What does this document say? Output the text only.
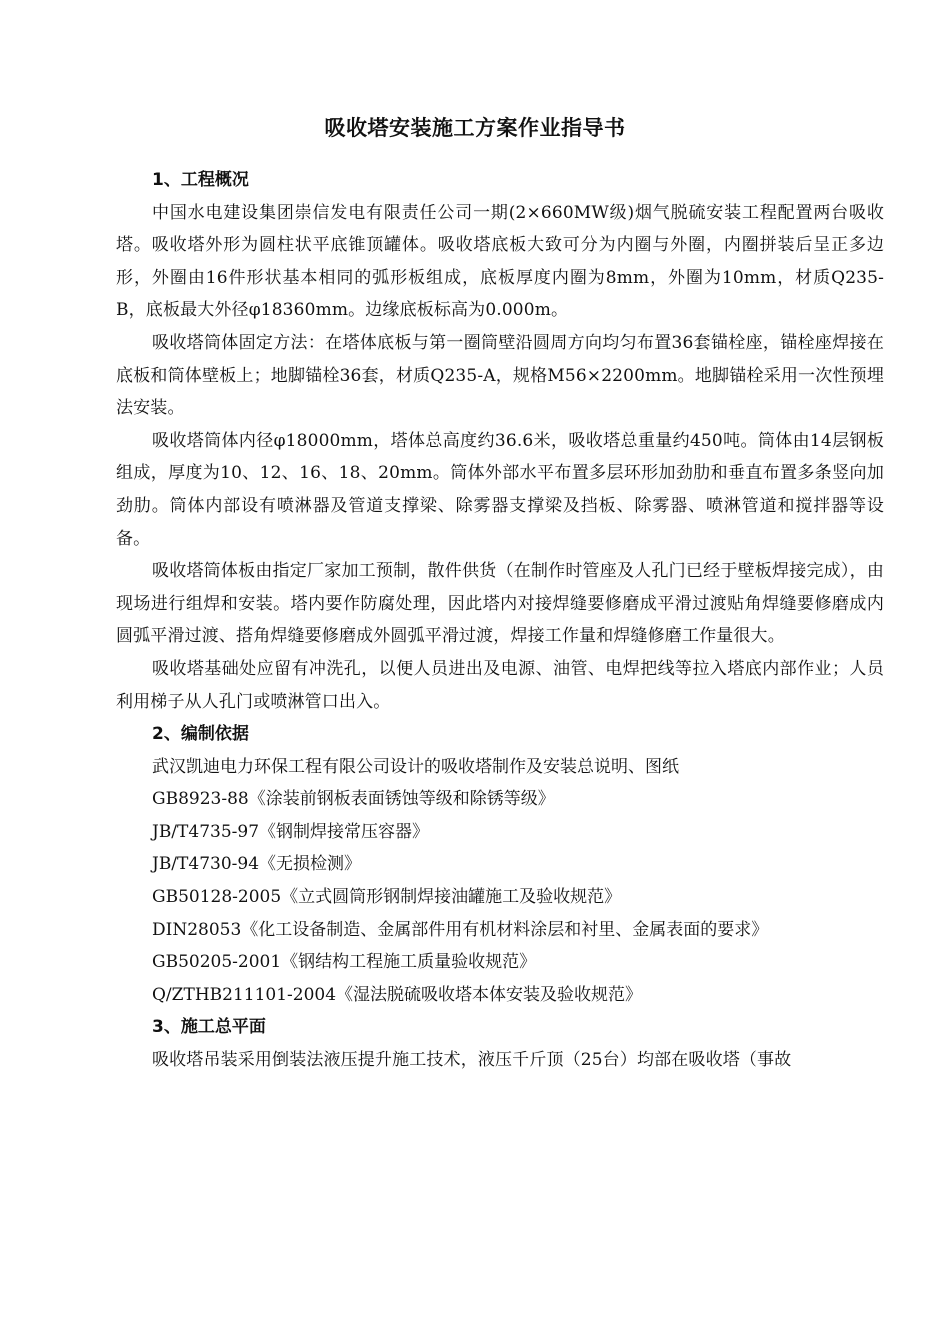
吸收塔安装施工方案作业指导书

1、工程概况

中国水电建设集团崇信发电有限责任公司一期(2×660MW级)烟气脱硫安装工程配置两台吸收塔。吸收塔外形为圆柱状平底锥顶罐体。吸收塔底板大致可分为内圈与外圈，内圈拼装后呈正多边形，外圈由16件形状基本相同的弧形板组成，底板厚度内圈为8mm，外圈为10mm，材质Q235-B，底板最大外径φ18360mm。边缘底板标高为0.000m。

吸收塔筒体固定方法：在塔体底板与第一圈筒壁沿圆周方向均匀布置36套锚栓座，锚栓座焊接在底板和筒体壁板上；地脚锚栓36套，材质Q235-A，规格M56×2200mm。地脚锚栓采用一次性预埋法安装。

吸收塔筒体内径φ18000mm，塔体总高度约36.6米，吸收塔总重量约450吨。筒体由14层钢板组成，厚度为10、12、16、18、20mm。筒体外部水平布置多层环形加劲肋和垂直布置多条竖向加劲肋。筒体内部设有喷淋器及管道支撑梁、除雾器支撑梁及挡板、除雾器、喷淋管道和搅拌器等设备。

吸收塔筒体板由指定厂家加工预制，散件供货（在制作时管座及人孔门已经于壁板焊接完成），由现场进行组焊和安装。塔内要作防腐处理，因此塔内对接焊缝要修磨成平滑过渡贴角焊缝要修磨成内圆弧平滑过渡、搭角焊缝要修磨成外圆弧平滑过渡，焊接工作量和焊缝修磨工作量很大。

吸收塔基础处应留有冲洗孔，以便人员进出及电源、油管、电焊把线等拉入塔底内部作业；人员利用梯子从人孔门或喷淋管口出入。

2、编制依据

武汉凯迪电力环保工程有限公司设计的吸收塔制作及安装总说明、图纸

GB8923-88《涂装前钢板表面锈蚀等级和除锈等级》

JB/T4735-97《钢制焊接常压容器》

JB/T4730-94《无损检测》

GB50128-2005《立式圆筒形钢制焊接油罐施工及验收规范》

DIN28053《化工设备制造、金属部件用有机材料涂层和衬里、金属表面的要求》

GB50205-2001《钢结构工程施工质量验收规范》

Q/ZTHB211101-2004《湿法脱硫吸收塔本体安装及验收规范》

3、施工总平面

吸收塔吊装采用倒装法液压提升施工技术，液压千斤顶（25台）均部在吸收塔（事故
